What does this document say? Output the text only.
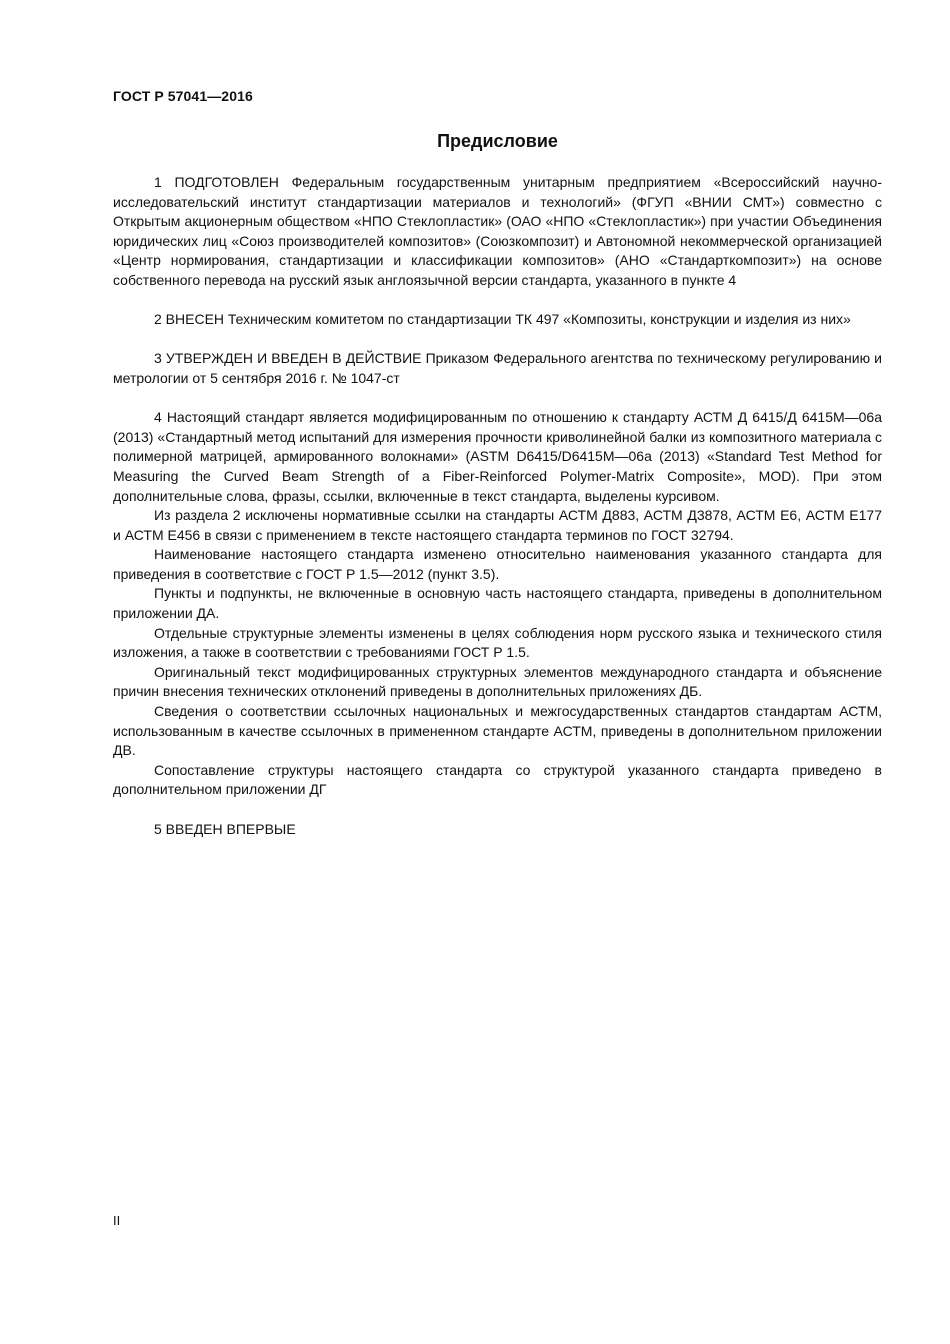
ГОСТ Р 57041—2016
Предисловие

1 ПОДГОТОВЛЕН Федеральным государственным унитарным предприятием «Всероссийский научно-исследовательский институт стандартизации материалов и технологий» (ФГУП «ВНИИ СМТ») совместно с Открытым акционерным обществом «НПО Стеклопластик» (ОАО «НПО «Стеклопластик») при участии Объединения юридических лиц «Союз производителей композитов» (Союзкомпозит) и Автономной некоммерческой организацией «Центр нормирования, стандартизации и классификации композитов» (АНО «Стандарткомпозит») на основе собственного перевода на русский язык англоязычной версии стандарта, указанного в пункте 4

2 ВНЕСЕН Техническим комитетом по стандартизации ТК 497 «Композиты, конструкции и изделия из них»

3 УТВЕРЖДЕН И ВВЕДЕН В ДЕЙСТВИЕ Приказом Федерального агентства по техническому регулированию и метрологии от 5 сентября 2016 г. № 1047-ст

4 Настоящий стандарт является модифицированным по отношению к стандарту АСТМ Д 6415/Д 6415М—06а (2013) «Стандартный метод испытаний для измерения прочности криволинейной балки из композитного материала с полимерной матрицей, армированного волокнами» (ASTM D6415/D6415M—06a (2013) «Standard Test Method for Measuring the Curved Beam Strength of a Fiber-Reinforced Polymer-Matrix Composite», MOD). При этом дополнительные слова, фразы, ссылки, включенные в текст стандарта, выделены курсивом.

Из раздела 2 исключены нормативные ссылки на стандарты АСТМ Д883, АСТМ Д3878, АСТМ Е6, АСТМ Е177 и АСТМ Е456 в связи с применением в тексте настоящего стандарта терминов по ГОСТ 32794.

Наименование настоящего стандарта изменено относительно наименования указанного стандарта для приведения в соответствие с ГОСТ Р 1.5—2012 (пункт 3.5).

Пункты и подпункты, не включенные в основную часть настоящего стандарта, приведены в дополнительном приложении ДА.

Отдельные структурные элементы изменены в целях соблюдения норм русского языка и технического стиля изложения, а также в соответствии с требованиями ГОСТ Р 1.5.

Оригинальный текст модифицированных структурных элементов международного стандарта и объяснение причин внесения технических отклонений приведены в дополнительных приложениях ДБ.

Сведения о соответствии ссылочных национальных и межгосударственных стандартов стандартам АСТМ, использованным в качестве ссылочных в примененном стандарте АСТМ, приведены в дополнительном приложении ДВ.

Сопоставление структуры настоящего стандарта со структурой указанного стандарта приведено в дополнительном приложении ДГ

5 ВВЕДЕН ВПЕРВЫЕ

II
